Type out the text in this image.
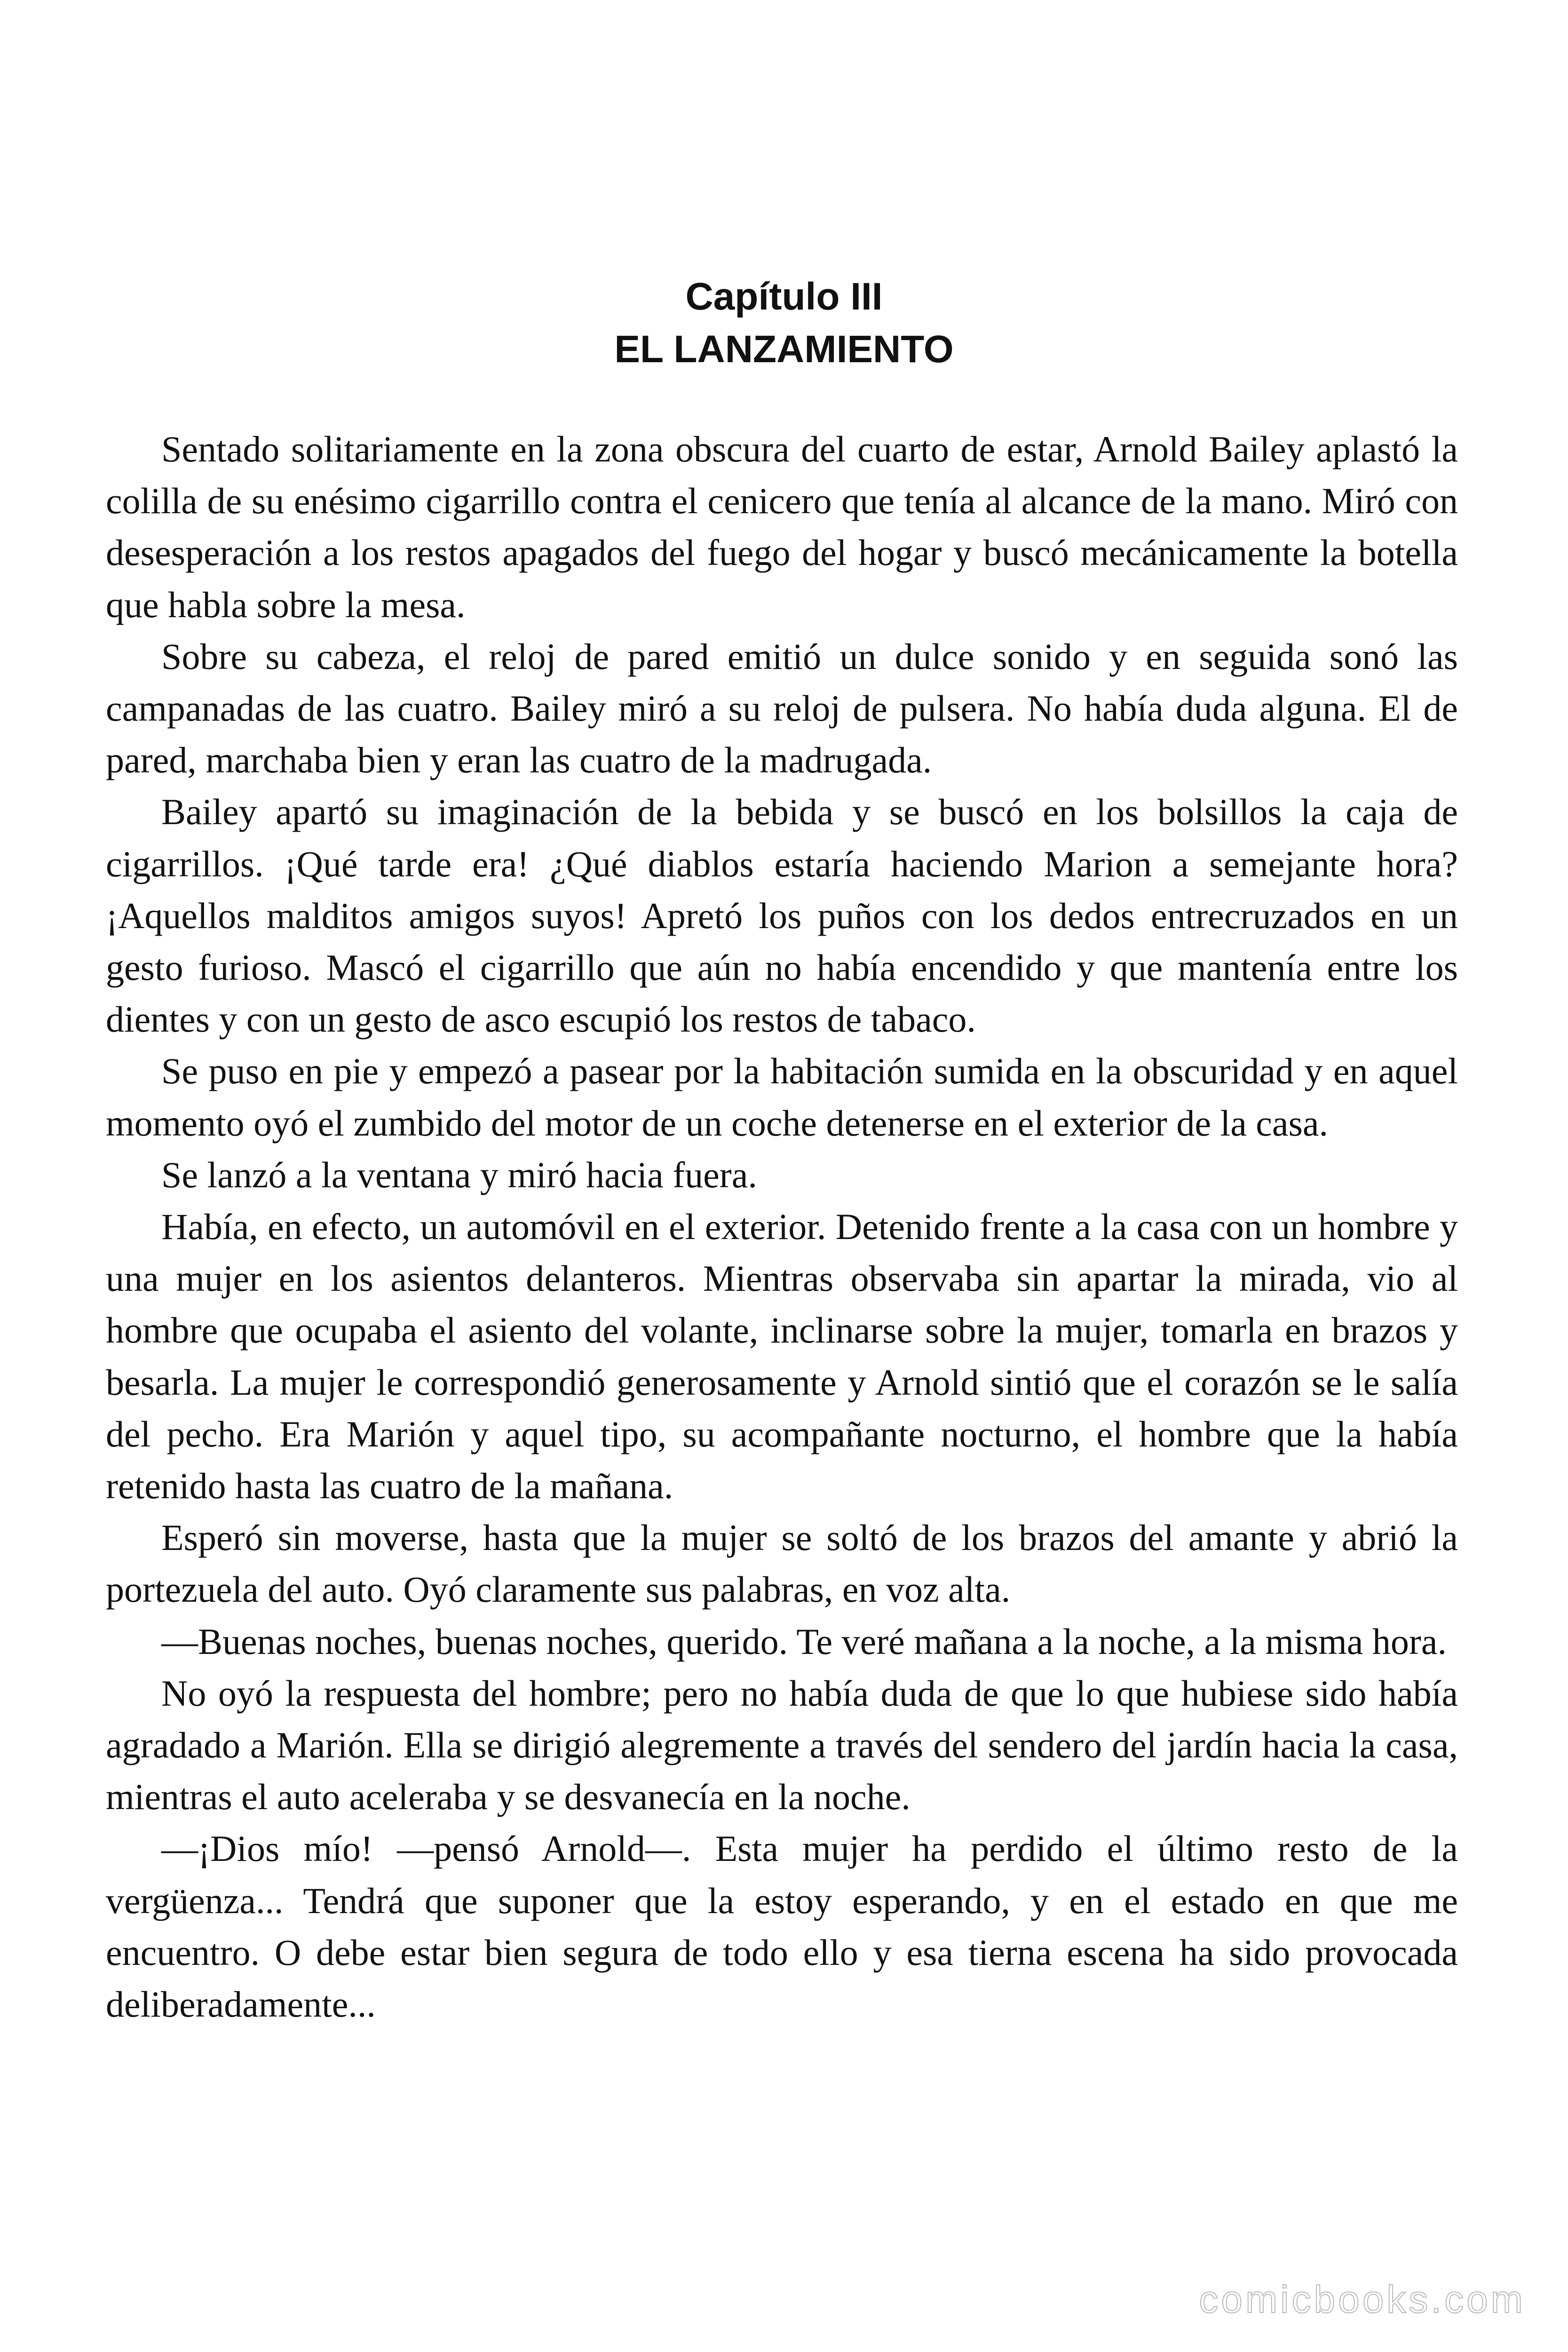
Capítulo III
EL LANZAMIENTO

Sentado solitariamente en la zona obscura del cuarto de estar, Arnold Bailey aplastó la colilla de su enésimo cigarrillo contra el cenicero que tenía al alcance de la mano. Miró con desesperación a los restos apagados del fuego del hogar y buscó mecánicamente la botella que habla sobre la mesa.

Sobre su cabeza, el reloj de pared emitió un dulce sonido y en seguida sonó las campanadas de las cuatro. Bailey miró a su reloj de pulsera. No había duda alguna. El de pared, marchaba bien y eran las cuatro de la madrugada.

Bailey apartó su imaginación de la bebida y se buscó en los bolsillos la caja de cigarrillos. ¡Qué tarde era! ¿Qué diablos estaría haciendo Marion a semejante hora? ¡Aquellos malditos amigos suyos! Apretó los puños con los dedos entrecruzados en un gesto furioso. Mascó el cigarrillo que aún no había encendido y que mantenía entre los dientes y con un gesto de asco escupió los restos de tabaco.

Se puso en pie y empezó a pasear por la habitación sumida en la obscuridad y en aquel momento oyó el zumbido del motor de un coche detenerse en el exterior de la casa.

Se lanzó a la ventana y miró hacia fuera.

Había, en efecto, un automóvil en el exterior. Detenido frente a la casa con un hombre y una mujer en los asientos delanteros. Mientras observaba sin apartar la mirada, vio al hombre que ocupaba el asiento del volante, inclinarse sobre la mujer, tomarla en brazos y besarla. La mujer le correspondió generosamente y Arnold sintió que el corazón se le salía del pecho. Era Marión y aquel tipo, su acompañante nocturno, el hombre que la había retenido hasta las cuatro de la mañana.

Esperó sin moverse, hasta que la mujer se soltó de los brazos del amante y abrió la portezuela del auto. Oyó claramente sus palabras, en voz alta.

—Buenas noches, buenas noches, querido. Te veré mañana a la noche, a la misma hora.

No oyó la respuesta del hombre; pero no había duda de que lo que hubiese sido había agradado a Marión. Ella se dirigió alegremente a través del sendero del jardín hacia la casa, mientras el auto aceleraba y se desvanecía en la noche.

—¡Dios mío! —pensó Arnold—. Esta mujer ha perdido el último resto de la vergüenza... Tendrá que suponer que la estoy esperando, y en el estado en que me encuentro. O debe estar bien segura de todo ello y esa tierna escena ha sido provocada deliberadamente...

comicbooks.com
